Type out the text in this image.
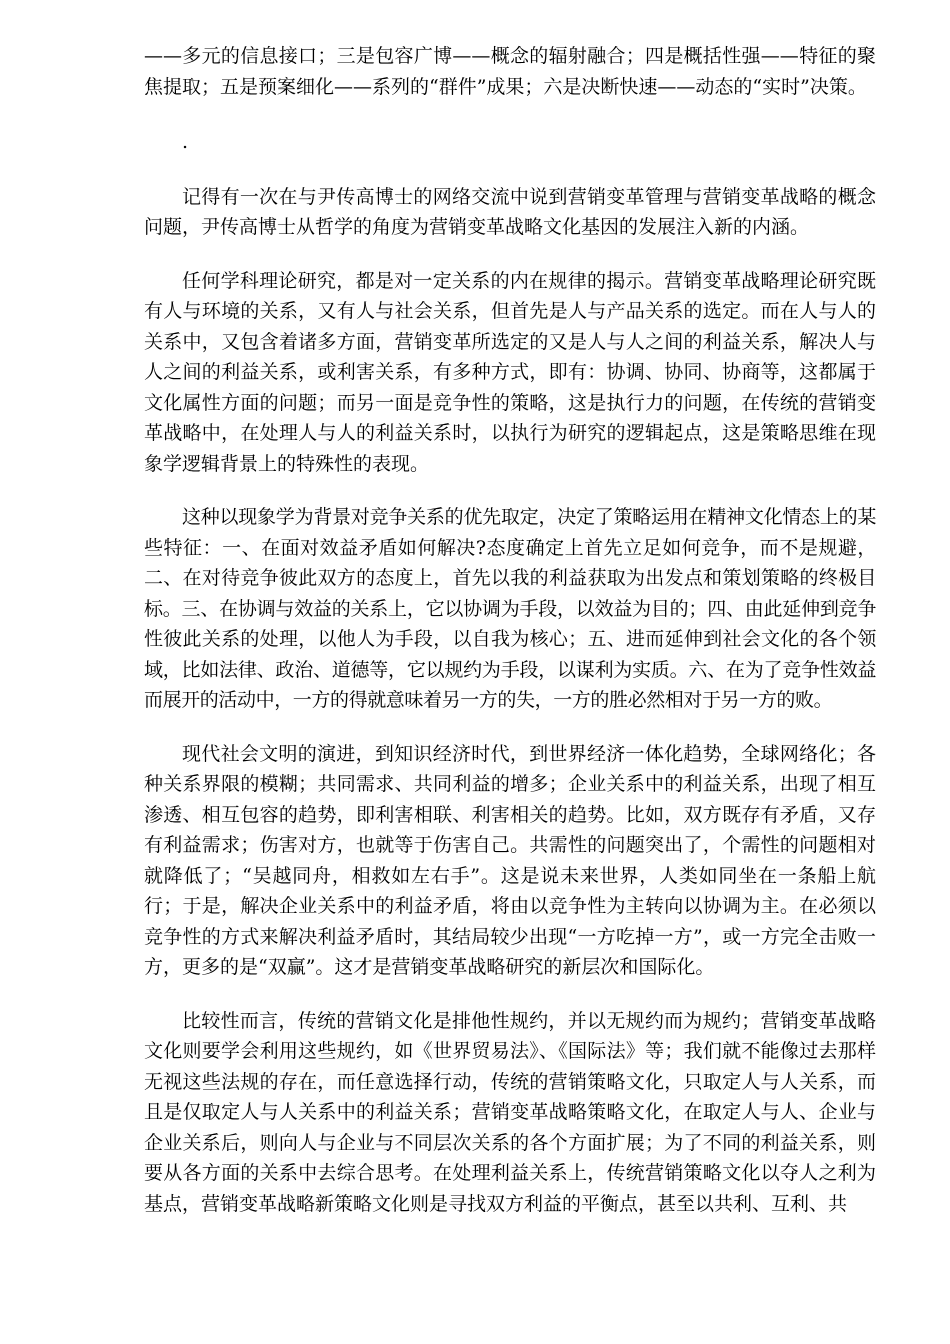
——多元的信息接口；三是包容广博——概念的辐射融合；四是概括性强——特征的聚焦提取；五是预案细化——系列的“群件”成果；六是决断快速——动态的“实时”决策。

.

记得有一次在与尹传高博士的网络交流中说到营销变革管理与营销变革战略的概念问题，尹传高博士从哲学的角度为营销变革战略文化基因的发展注入新的内涵。

任何学科理论研究，都是对一定关系的内在规律的揭示。营销变革战略理论研究既有人与环境的关系，又有人与社会关系，但首先是人与产品关系的选定。而在人与人的关系中，又包含着诸多方面，营销变革所选定的又是人与人之间的利益关系，解决人与人之间的利益关系，或利害关系，有多种方式，即有：协调、协同、协商等，这都属于文化属性方面的问题；而另一面是竞争性的策略，这是执行力的问题，在传统的营销变革战略中，在处理人与人的利益关系时，以执行为研究的逻辑起点，这是策略思维在现象学逻辑背景上的特殊性的表现。

这种以现象学为背景对竞争关系的优先取定，决定了策略运用在精神文化情态上的某些特征：一、在面对效益矛盾如何解决?态度确定上首先立足如何竞争，而不是规避，二、在对待竞争彼此双方的态度上，首先以我的利益获取为出发点和策划策略的终极目标。三、在协调与效益的关系上，它以协调为手段，以效益为目的；四、由此延伸到竞争性彼此关系的处理，以他人为手段，以自我为核心；五、进而延伸到社会文化的各个领域，比如法律、政治、道德等，它以规约为手段，以谋利为实质。六、在为了竞争性效益而展开的活动中，一方的得就意味着另一方的失，一方的胜必然相对于另一方的败。

现代社会文明的演进，到知识经济时代，到世界经济一体化趋势，全球网络化；各种关系界限的模糊；共同需求、共同利益的增多；企业关系中的利益关系，出现了相互渗透、相互包容的趋势，即利害相联、利害相关的趋势。比如，双方既存有矛盾，又存有利益需求；伤害对方，也就等于伤害自己。共需性的问题突出了，个需性的问题相对就降低了；“吴越同舟，相救如左右手”。这是说未来世界，人类如同坐在一条船上航行；于是，解决企业关系中的利益矛盾，将由以竞争性为主转向以协调为主。在必须以竞争性的方式来解决利益矛盾时，其结局较少出现“一方吃掉一方”，或一方完全击败一方，更多的是“双赢”。这才是营销变革战略研究的新层次和国际化。

比较性而言，传统的营销文化是排他性规约，并以无规约而为规约；营销变革战略文化则要学会利用这些规约，如《世界贸易法》、《国际法》等；我们就不能像过去那样无视这些法规的存在，而任意选择行动，传统的营销策略文化，只取定人与人关系，而且是仅取定人与人关系中的利益关系；营销变革战略策略文化，在取定人与人、企业与企业关系后，则向人与企业与不同层次关系的各个方面扩展；为了不同的利益关系，则要从各方面的关系中去综合思考。在处理利益关系上，传统营销策略文化以夺人之利为基点，营销变革战略新策略文化则是寻找双方利益的平衡点，甚至以共利、互利、共
